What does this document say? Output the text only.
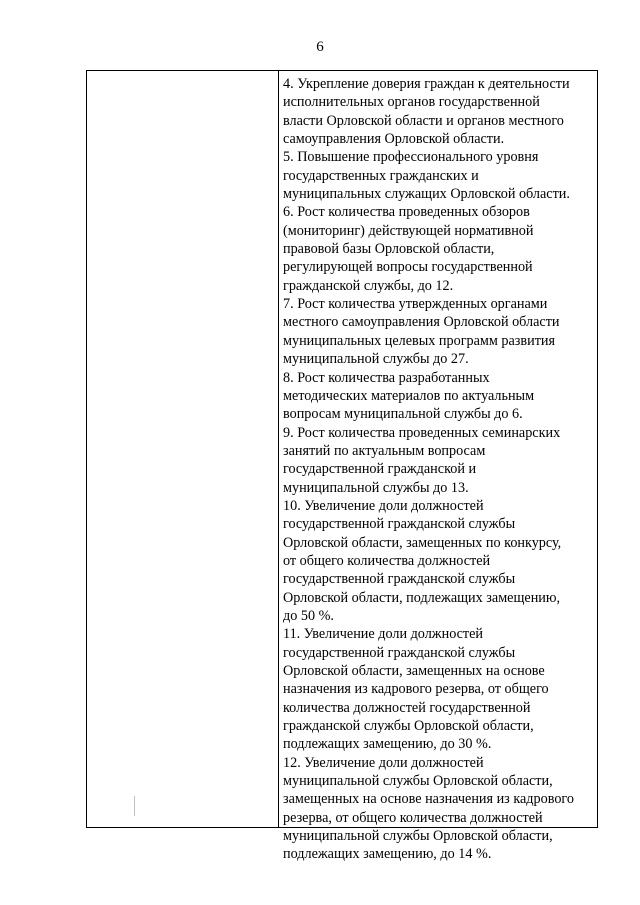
6

4. Укрепление доверия граждан к деятельности
исполнительных органов государственной
власти Орловской области и органов местного
самоуправления Орловской области.

5. Повышение профессионального уровня
государственных гражданских и
муниципальных служащих Орловской области.

6. Рост количества проведенных обзоров
(мониторинг) действующей нормативной
правовой базы Орловской области,
регулирующей вопросы государственной
гражданской службы, до 12.

7. Рост количества утвержденных органами
местного самоуправления Орловской области
муниципальных целевых программ развития
муниципальной службы до 27.

8. Рост количества разработанных
методических материалов по актуальным
вопросам муниципальной службы до 6.

9. Рост количества проведенных семинарских
занятий по актуальным вопросам
государственной гражданской и
муниципальной службы до 13.

10. Увеличение доли должностей
государственной гражданской службы
Орловской области, замещенных по конкурсу,
от общего количества должностей
государственной гражданской службы
Орловской области, подлежащих замещению,
до 50 %.

11. Увеличение доли должностей
государственной гражданской службы
Орловской области, замещенных на основе
назначения из кадрового резерва, от общего
количества должностей государственной
гражданской службы Орловской области,
подлежащих замещению, до 30 %.

12. Увеличение доли должностей
муниципальной службы Орловской области,
замещенных на основе назначения из кадрового
резерва, от общего количества должностей
муниципальной службы Орловской области,
подлежащих замещению, до 14 %.
